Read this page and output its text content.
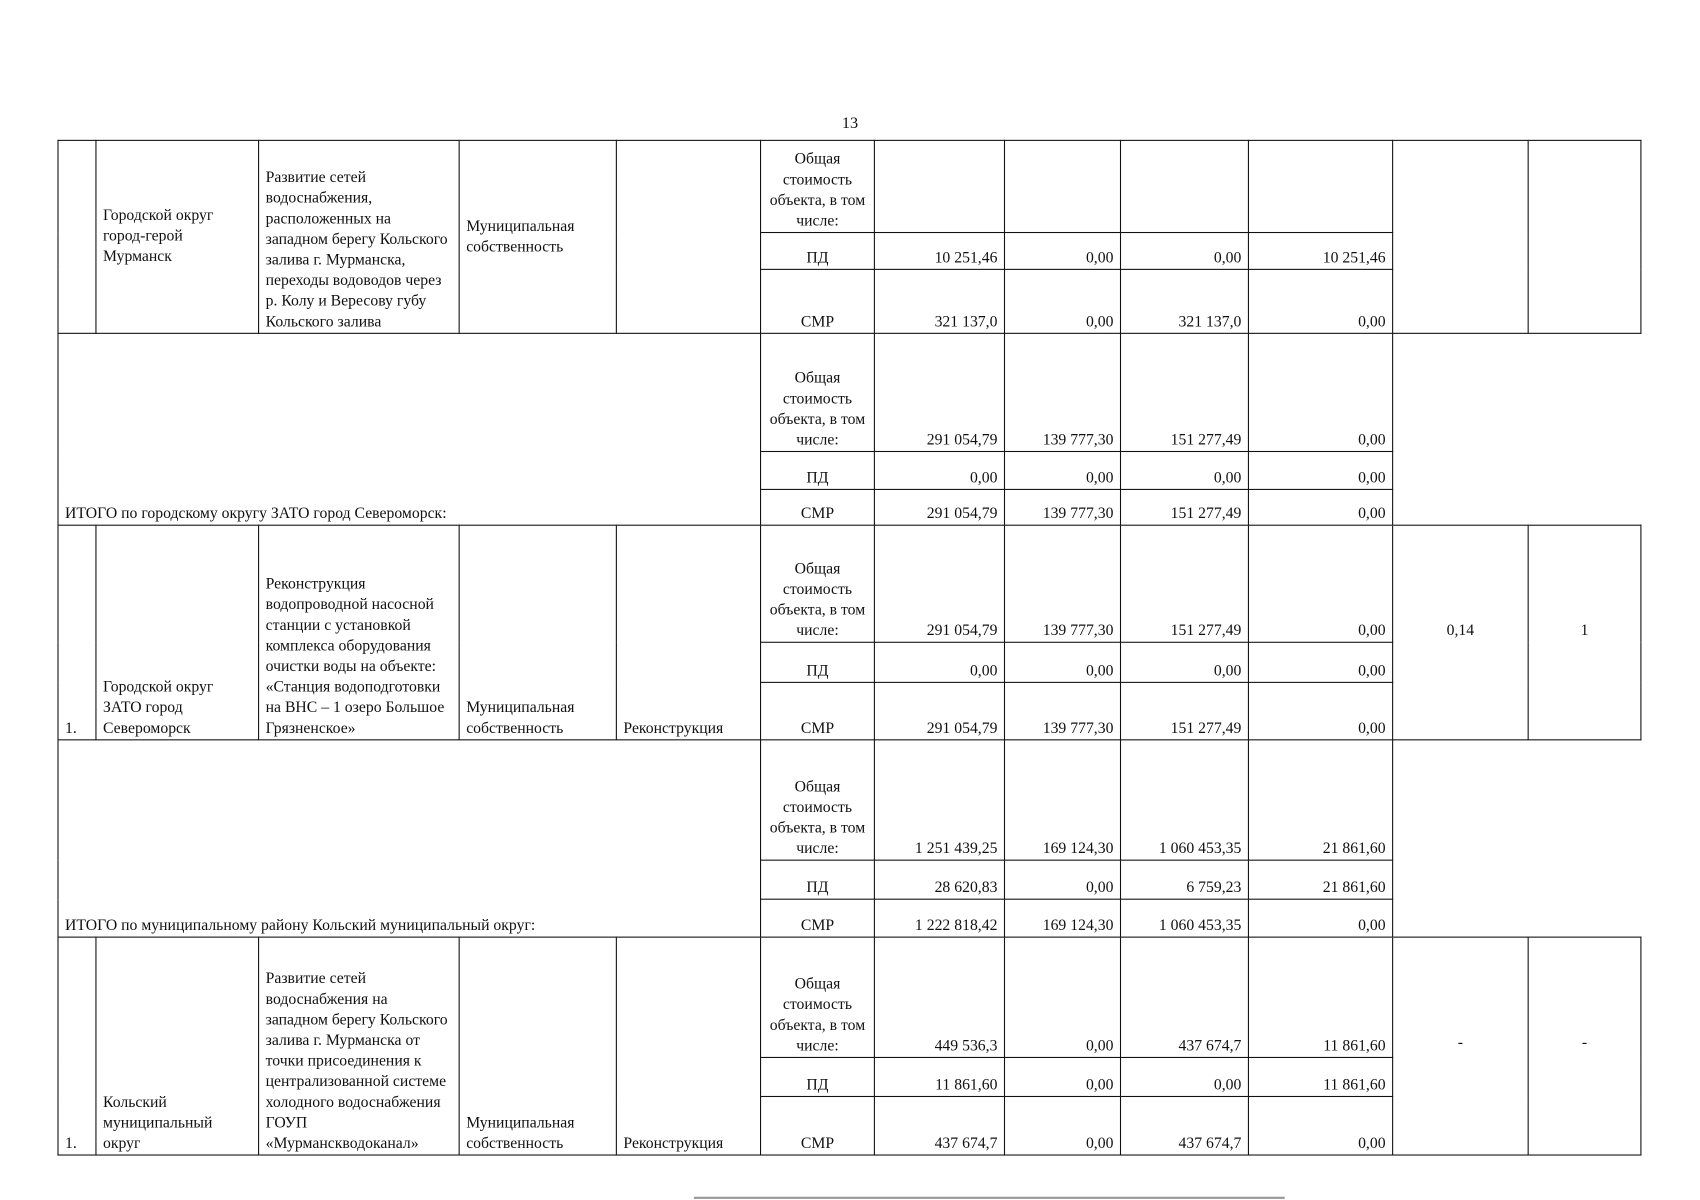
13
	Городской округ город-герой Мурманск	Развитие сетей водоснабжения, расположенных на западном берегу Кольского залива г. Мурманска, переходы водоводов через р. Колу и Вересову губу Кольского залива	Муниципальная собственность		Общая стоимость объекта, в том числе:						
					ПД	10 251,46	0,00	0,00	10 251,46		
					СМР	321 137,0	0,00	321 137,0	0,00		
ИТОГО по городскому округу ЗАТО город Североморск:					Общая стоимость объекта, в том числе:	291 054,79	139 777,30	151 277,49	0,00		
					ПД	0,00	0,00	0,00	0,00		
					СМР	291 054,79	139 777,30	151 277,49	0,00		
1.	Городской округ ЗАТО город Североморск	Реконструкция водопроводной насосной станции с установкой комплекса оборудования очистки воды на объекте: «Станция водоподготовки на ВНС – 1 озеро Большое Грязненское»	Муниципальная собственность	Реконструкция	Общая стоимость объекта, в том числе:	291 054,79	139 777,30	151 277,49	0,00	0,14	1
					ПД	0,00	0,00	0,00	0,00		
					СМР	291 054,79	139 777,30	151 277,49	0,00		
ИТОГО по муниципальному району Кольский муниципальный округ:					Общая стоимость объекта, в том числе:	1 251 439,25	169 124,30	1 060 453,35	21 861,60		
					ПД	28 620,83	0,00	6 759,23	21 861,60		
					СМР	1 222 818,42	169 124,30	1 060 453,35	0,00		
1.	Кольский муниципальный округ	Развитие сетей водоснабжения на западном берегу Кольского залива г. Мурманска от точки присоединения к централизованной системе холодного водоснабжения ГОУП «Мурманскводоканал»	Муниципальная собственность	Реконструкция	Общая стоимость объекта, в том числе:	449 536,3	0,00	437 674,7	11 861,60	-	-
					ПД	11 861,60	0,00	0,00	11 861,60		
					СМР	437 674,7	0,00	437 674,7	0,00		
